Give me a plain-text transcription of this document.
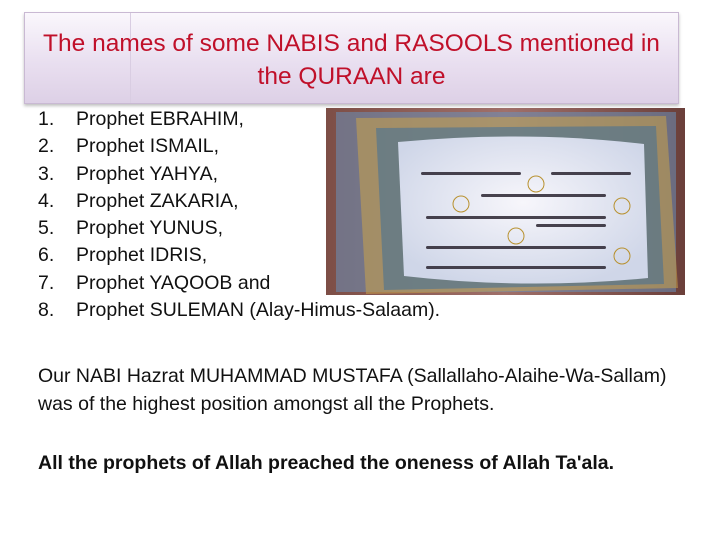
The names of some NABIS and RASOOLS mentioned in
the QURAAN are
1. Prophet EBRAHIM,
2. Prophet ISMAIL,
3. Prophet YAHYA,
4. Prophet ZAKARIA,
5. Prophet YUNUS,
6. Prophet IDRIS,
7. Prophet YAQOOB and
8. Prophet SULEMAN (Alay-Himus-Salaam).

Our NABI Hazrat MUHAMMAD MUSTAFA (Sallallaho-Alaihe-Wa-Sallam) was of the highest position amongst all the Prophets.

All the prophets of Allah preached the oneness of Allah Ta'ala.
